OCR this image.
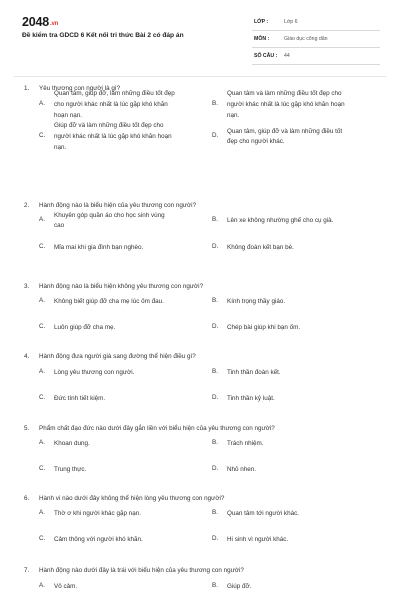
2048.vn
Đề kiểm tra GDCD 6 Kết nối tri thức Bài 2 có đáp án
LỚP :	Lớp 6
MÔN :	Giáo dục công dân
SỐ CÂU : 44
1. Yêu thương con người là gì?
A.
Quan tâm, giúp đỡ, làm những điều tốt đẹp
cho người khác nhất là lúc gặp khó khăn
hoạn nạn.
B.
Quan tâm và làm những điều tốt đẹp cho
người khác nhất là lúc gặp khó khăn hoạn
nạn.
C.
Giúp đỡ và làm những điều tốt đẹp cho
người khác nhất là lúc gặp khó khăn hoạn
nạn.
D.
Quan tâm, giúp đỡ và làm những điều tốt
đẹp cho người khác.
2. Hành động nào là biểu hiện của yêu thương con người?
A.
Khuyên góp quần áo cho học sinh vùng
cao
B. Lên xe không nhường ghế cho cụ già.
C. Mỉa mai khi gia đình bạn nghèo.	D. Không đoàn kết bạn bè.
3. Hành động nào là biểu hiện không yêu thương con người?
A. Không biết giúp đỡ cha mẹ lúc ốm đau.	B. Kính trọng thầy giáo.
C. Luôn giúp đỡ cha mẹ.	D. Chép bài giúp khi bạn ốm.
4. Hành động đưa người già sang đường thể hiện điều gì?
A. Lòng yêu thương con người.	B. Tinh thần đoàn kết.
C. Đức tính tiết kiệm.	D. Tinh thần kỷ luật.
5. Phẩm chất đạo đức nào dưới đây gắn liền với biểu hiện của yêu thương con người?
A. Khoan dung.	B. Trách nhiệm.
C. Trung thực.	D. Nhỏ nhen.
6. Hành vi nào dưới đây không thể hiện lòng yêu thương con người?
A. Thờ ơ khi người khác gặp nạn.	B. Quan tâm tới người khác.
C. Cảm thông với người khó khăn.	D. Hi sinh vì người khác.
7. Hành động nào dưới đây là trái với biểu hiện của yêu thương con người?
A. Vô cảm.	B. Giúp đỡ.
